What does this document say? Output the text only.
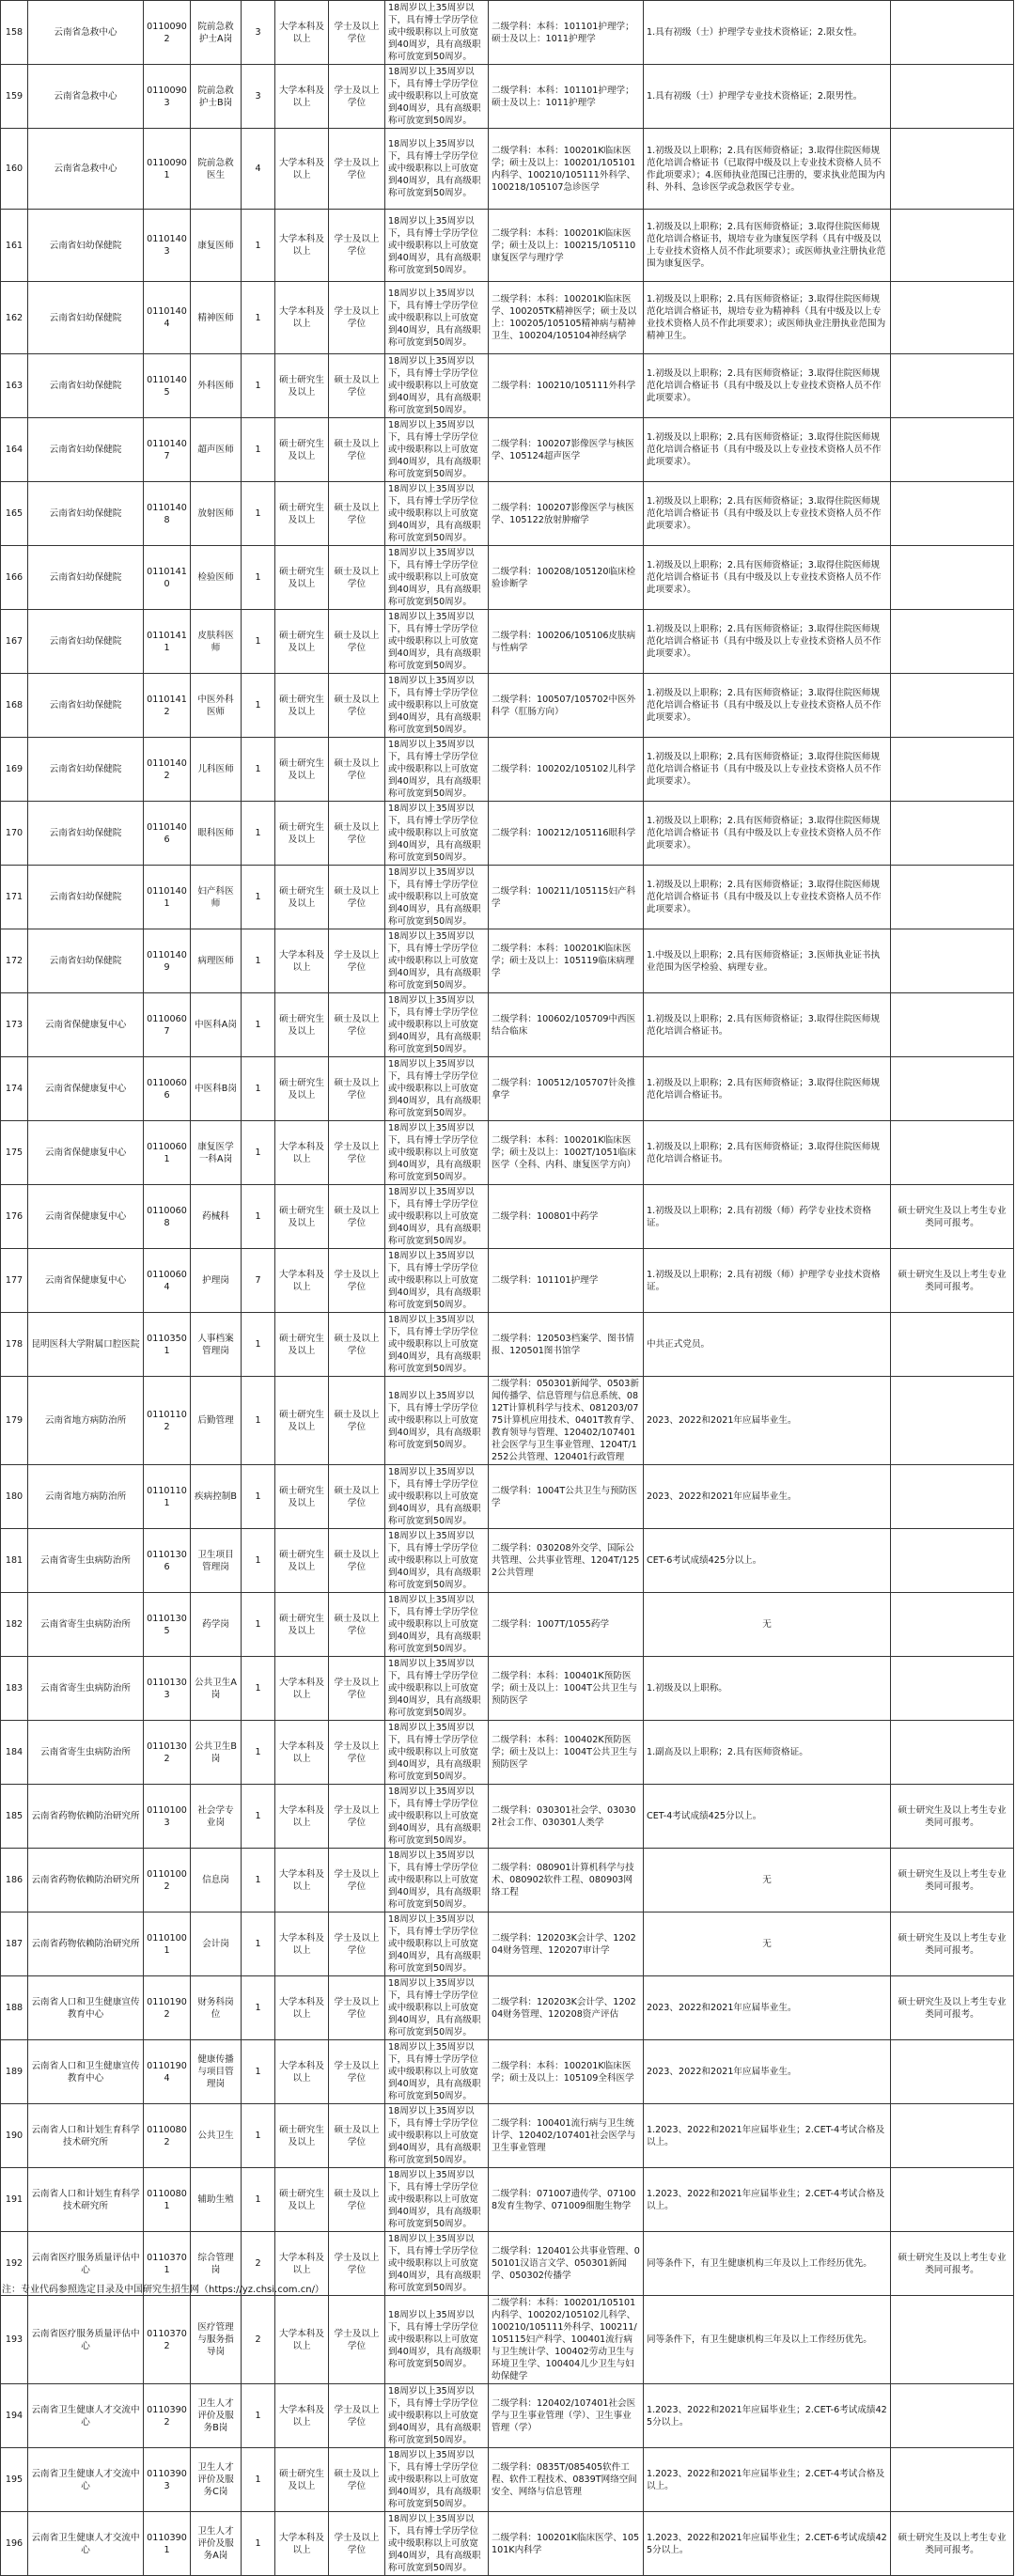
158	云南省急救中心	01100902	院前急救护士A岗	3	大学本科及以上	学士及以上学位	18周岁以上35周岁以下，具有博士学历学位或中级职称以上可放宽到40周岁，具有高级职称可放宽到50周岁。	二级学科：本科：101101护理学；硕士及以上：1011护理学	1.具有初级（士）护理学专业技术资格证；2.限女性。	
159	云南省急救中心	01100903	院前急救护士B岗	3	大学本科及以上	学士及以上学位	18周岁以上35周岁以下，具有博士学历学位或中级职称以上可放宽到40周岁，具有高级职称可放宽到50周岁。	二级学科：本科：101101护理学；硕士及以上：1011护理学	1.具有初级（士）护理学专业技术资格证；2.限男性。	
160	云南省急救中心	01100901	院前急救医生	4	大学本科及以上	学士及以上学位	18周岁以上35周岁以下，具有博士学历学位或中级职称以上可放宽到40周岁，具有高级职称可放宽到50周岁。	二级学科：本科：100201K临床医学；硕士及以上：100201/105101内科学、100210/105111外科学、100218/105107急诊医学	1.初级及以上职称；2.具有医师资格证；3.取得住院医师规范化培训合格证书（已取得中级及以上专业技术资格人员不作此项要求）；4.医师执业范围已注册的，要求执业范围为内科、外科、急诊医学或急救医学专业。	
161	云南省妇幼保健院	01101403	康复医师	1	大学本科及以上	学士及以上学位	18周岁以上35周岁以下，具有博士学历学位或中级职称以上可放宽到40周岁，具有高级职称可放宽到50周岁。	二级学科：本科：100201K临床医学；硕士及以上：100215/105110康复医学与理疗学	1.初级及以上职称；2.具有医师资格证；3.取得住院医师规范化培训合格证书，规培专业为康复医学科（具有中级及以上专业技术资格人员不作此项要求）；或医师执业注册执业范围为康复医学。	
162	云南省妇幼保健院	01101404	精神医师	1	大学本科及以上	学士及以上学位	18周岁以上35周岁以下，具有博士学历学位或中级职称以上可放宽到40周岁，具有高级职称可放宽到50周岁。	二级学科：本科：100201K临床医学、100205TK精神医学；硕士及以上：100205/105105精神病与精神卫生、100204/105104神经病学	1.初级及以上职称；2.具有医师资格证；3.取得住院医师规范化培训合格证书，规培专业为精神科（具有中级及以上专业技术资格人员不作此项要求）；或医师执业注册执业范围为精神卫生。	
163	云南省妇幼保健院	01101405	外科医师	1	硕士研究生及以上	硕士及以上学位	18周岁以上35周岁以下，具有博士学历学位或中级职称以上可放宽到40周岁，具有高级职称可放宽到50周岁。	二级学科：100210/105111外科学	1.初级及以上职称；2.具有医师资格证；3.取得住院医师规范化培训合格证书（具有中级及以上专业技术资格人员不作此项要求）。	
164	云南省妇幼保健院	01101407	超声医师	1	硕士研究生及以上	硕士及以上学位	18周岁以上35周岁以下，具有博士学历学位或中级职称以上可放宽到40周岁，具有高级职称可放宽到50周岁。	二级学科：100207影像医学与核医学、105124超声医学	1.初级及以上职称；2.具有医师资格证；3.取得住院医师规范化培训合格证书（具有中级及以上专业技术资格人员不作此项要求）。	
165	云南省妇幼保健院	01101408	放射医师	1	硕士研究生及以上	硕士及以上学位	18周岁以上35周岁以下，具有博士学历学位或中级职称以上可放宽到40周岁，具有高级职称可放宽到50周岁。	二级学科：100207影像医学与核医学、105122放射肿瘤学	1.初级及以上职称；2.具有医师资格证；3.取得住院医师规范化培训合格证书（具有中级及以上专业技术资格人员不作此项要求）。	
166	云南省妇幼保健院	01101410	检验医师	1	硕士研究生及以上	硕士及以上学位	18周岁以上35周岁以下，具有博士学历学位或中级职称以上可放宽到40周岁，具有高级职称可放宽到50周岁。	二级学科：100208/105120临床检验诊断学	1.初级及以上职称；2.具有医师资格证；3.取得住院医师规范化培训合格证书（具有中级及以上专业技术资格人员不作此项要求）。	
167	云南省妇幼保健院	01101411	皮肤科医师	1	硕士研究生及以上	硕士及以上学位	18周岁以上35周岁以下，具有博士学历学位或中级职称以上可放宽到40周岁，具有高级职称可放宽到50周岁。	二级学科：100206/105106皮肤病与性病学	1.初级及以上职称；2.具有医师资格证；3.取得住院医师规范化培训合格证书（具有中级及以上专业技术资格人员不作此项要求）。	
168	云南省妇幼保健院	01101412	中医外科医师	1	硕士研究生及以上	硕士及以上学位	18周岁以上35周岁以下，具有博士学历学位或中级职称以上可放宽到40周岁，具有高级职称可放宽到50周岁。	二级学科：100507/105702中医外科学（肛肠方向）	1.初级及以上职称；2.具有医师资格证；3.取得住院医师规范化培训合格证书（具有中级及以上专业技术资格人员不作此项要求）。	
169	云南省妇幼保健院	01101402	儿科医师	1	硕士研究生及以上	硕士及以上学位	18周岁以上35周岁以下，具有博士学历学位或中级职称以上可放宽到40周岁，具有高级职称可放宽到50周岁。	二级学科：100202/105102儿科学	1.初级及以上职称；2.具有医师资格证；3.取得住院医师规范化培训合格证书（具有中级及以上专业技术资格人员不作此项要求）。	
170	云南省妇幼保健院	01101406	眼科医师	1	硕士研究生及以上	硕士及以上学位	18周岁以上35周岁以下，具有博士学历学位或中级职称以上可放宽到40周岁，具有高级职称可放宽到50周岁。	二级学科：100212/105116眼科学	1.初级及以上职称；2.具有医师资格证；3.取得住院医师规范化培训合格证书（具有中级及以上专业技术资格人员不作此项要求）。	
171	云南省妇幼保健院	01101401	妇产科医师	1	硕士研究生及以上	硕士及以上学位	18周岁以上35周岁以下，具有博士学历学位或中级职称以上可放宽到40周岁，具有高级职称可放宽到50周岁。	二级学科：100211/105115妇产科学	1.初级及以上职称；2.具有医师资格证；3.取得住院医师规范化培训合格证书（具有中级及以上专业技术资格人员不作此项要求）。	
172	云南省妇幼保健院	01101409	病理医师	1	大学本科及以上	学士及以上学位	18周岁以上35周岁以下，具有博士学历学位或中级职称以上可放宽到40周岁，具有高级职称可放宽到50周岁。	二级学科：本科：100201K临床医学；硕士及以上：105119临床病理学	1.中级及以上职称；2.具有医师资格证；3.医师执业证书执业范围为医学检验、病理专业。	
173	云南省保健康复中心	01100607	中医科A岗	1	硕士研究生及以上	硕士及以上学位	18周岁以上35周岁以下，具有博士学历学位或中级职称以上可放宽到40周岁，具有高级职称可放宽到50周岁。	二级学科：100602/105709中西医结合临床	1.初级及以上职称；2.具有医师资格证；3.取得住院医师规范化培训合格证书。	
174	云南省保健康复中心	01100606	中医科B岗	1	硕士研究生及以上	硕士及以上学位	18周岁以上35周岁以下，具有博士学历学位或中级职称以上可放宽到40周岁，具有高级职称可放宽到50周岁。	二级学科：100512/105707针灸推拿学	1.初级及以上职称；2.具有医师资格证；3.取得住院医师规范化培训合格证书。	
175	云南省保健康复中心	01100601	康复医学一科A岗	1	大学本科及以上	学士及以上学位	18周岁以上35周岁以下，具有博士学历学位或中级职称以上可放宽到40周岁，具有高级职称可放宽到50周岁。	二级学科：本科：100201K临床医学；硕士及以上：1002T/1051临床医学（全科、内科、康复医学方向）	1.初级及以上职称；2.具有医师资格证；3.取得住院医师规范化培训合格证书。	
176	云南省保健康复中心	01100608	药械科	1	硕士研究生及以上	硕士及以上学位	18周岁以上35周岁以下，具有博士学历学位或中级职称以上可放宽到40周岁，具有高级职称可放宽到50周岁。	二级学科：100801中药学	1.初级及以上职称；2.具有初级（师）药学专业技术资格证。	硕士研究生及以上考生专业类同可报考。
177	云南省保健康复中心	01100604	护理岗	7	大学本科及以上	学士及以上学位	18周岁以上35周岁以下，具有博士学历学位或中级职称以上可放宽到40周岁，具有高级职称可放宽到50周岁。	二级学科：101101护理学	1.初级及以上职称；2.具有初级（师）护理学专业技术资格证。	硕士研究生及以上考生专业类同可报考。
178	昆明医科大学附属口腔医院	01103501	人事档案管理岗	1	硕士研究生及以上	硕士及以上学位	18周岁以上35周岁以下，具有博士学历学位或中级职称以上可放宽到40周岁，具有高级职称可放宽到50周岁。	二级学科：120503档案学、图书情报、120501图书馆学	中共正式党员。	
179	云南省地方病防治所	01101102	后勤管理	1	硕士研究生及以上	硕士及以上学位	18周岁以上35周岁以下，具有博士学历学位或中级职称以上可放宽到40周岁，具有高级职称可放宽到50周岁。	二级学科：050301新闻学、0503新闻传播学、信息管理与信息系统、0812T计算机科学与技术、081203/0775计算机应用技术、0401T教育学、教育领导与管理、120402/107401社会医学与卫生事业管理、1204T/1252公共管理、120401行政管理	2023、2022和2021年应届毕业生。	
180	云南省地方病防治所	01101101	疾病控制B	1	硕士研究生及以上	硕士及以上学位	18周岁以上35周岁以下，具有博士学历学位或中级职称以上可放宽到40周岁，具有高级职称可放宽到50周岁。	二级学科：1004T公共卫生与预防医学	2023、2022和2021年应届毕业生。	
181	云南省寄生虫病防治所	01101306	卫生项目管理岗	1	硕士研究生及以上	硕士及以上学位	18周岁以上35周岁以下，具有博士学历学位或中级职称以上可放宽到40周岁，具有高级职称可放宽到50周岁。	二级学科：030208外交学、国际公共管理、公共事业管理、1204T/1252公共管理	CET-6考试成绩425分以上。	
182	云南省寄生虫病防治所	01101305	药学岗	1	硕士研究生及以上	硕士及以上学位	18周岁以上35周岁以下，具有博士学历学位或中级职称以上可放宽到40周岁，具有高级职称可放宽到50周岁。	二级学科：1007T/1055药学	无	
183	云南省寄生虫病防治所	01101303	公共卫生A岗	1	大学本科及以上	学士及以上学位	18周岁以上35周岁以下，具有博士学历学位或中级职称以上可放宽到40周岁，具有高级职称可放宽到50周岁。	二级学科：本科：100401K预防医学；硕士及以上：1004T公共卫生与预防医学	1.初级及以上职称。	
184	云南省寄生虫病防治所	01101302	公共卫生B岗	1	大学本科及以上	学士及以上学位	18周岁以上35周岁以下，具有博士学历学位或中级职称以上可放宽到40周岁，具有高级职称可放宽到50周岁。	二级学科：本科：100402K预防医学；硕士及以上：1004T公共卫生与预防医学	1.副高及以上职称；2.具有医师资格证。	
185	云南省药物依赖防治研究所	01101003	社会学专业岗	1	大学本科及以上	学士及以上学位	18周岁以上35周岁以下，具有博士学历学位或中级职称以上可放宽到40周岁，具有高级职称可放宽到50周岁。	二级学科：030301社会学、030302社会工作、030301人类学	CET-4考试成绩425分以上。	硕士研究生及以上考生专业类同可报考。
186	云南省药物依赖防治研究所	01101002	信息岗	1	大学本科及以上	学士及以上学位	18周岁以上35周岁以下，具有博士学历学位或中级职称以上可放宽到40周岁，具有高级职称可放宽到50周岁。	二级学科：080901计算机科学与技术、080902软件工程、080903网络工程	无	硕士研究生及以上考生专业类同可报考。
187	云南省药物依赖防治研究所	01101001	会计岗	1	大学本科及以上	学士及以上学位	18周岁以上35周岁以下，具有博士学历学位或中级职称以上可放宽到40周岁，具有高级职称可放宽到50周岁。	二级学科：120203K会计学、120204财务管理、120207审计学	无	硕士研究生及以上考生专业类同可报考。
188	云南省人口和卫生健康宣传教育中心	01101902	财务科岗位	1	大学本科及以上	学士及以上学位	18周岁以上35周岁以下，具有博士学历学位或中级职称以上可放宽到40周岁，具有高级职称可放宽到50周岁。	二级学科：120203K会计学、120204财务管理、120208资产评估	2023、2022和2021年应届毕业生。	硕士研究生及以上考生专业类同可报考。
189	云南省人口和卫生健康宣传教育中心	01101904	健康传播与项目管理岗	1	大学本科及以上	学士及以上学位	18周岁以上35周岁以下，具有博士学历学位或中级职称以上可放宽到40周岁，具有高级职称可放宽到50周岁。	二级学科：本科：100201K临床医学；硕士及以上：105109全科医学	2023、2022和2021年应届毕业生。	
190	云南省人口和计划生育科学技术研究所	01100802	公共卫生	1	硕士研究生及以上	硕士及以上学位	18周岁以上35周岁以下，具有博士学历学位或中级职称以上可放宽到40周岁，具有高级职称可放宽到50周岁。	二级学科：100401流行病与卫生统计学、120402/107401社会医学与卫生事业管理	1.2023、2022和2021年应届毕业生；2.CET-4考试合格及以上。	
191	云南省人口和计划生育科学技术研究所	01100801	辅助生殖	1	硕士研究生及以上	硕士及以上学位	18周岁以上35周岁以下，具有博士学历学位或中级职称以上可放宽到40周岁，具有高级职称可放宽到50周岁。	二级学科：071007遗传学、071008发育生物学、071009细胞生物学	1.2023、2022和2021年应届毕业生；2.CET-4考试合格及以上。	
192	云南省医疗服务质量评估中心	01103701	综合管理岗	2	大学本科及以上	学士及以上学位	18周岁以上35周岁以下，具有博士学历学位或中级职称以上可放宽到40周岁，具有高级职称可放宽到50周岁。	二级学科：120401公共事业管理、050101汉语言文学、050301新闻学、050302传播学	同等条件下，有卫生健康机构三年及以上工作经历优先。	硕士研究生及以上考生专业类同可报考。
193	云南省医疗服务质量评估中心	01103702	医疗管理与服务指导岗	2	大学本科及以上	学士及以上学位	18周岁以上35周岁以下，具有博士学历学位或中级职称以上可放宽到40周岁，具有高级职称可放宽到50周岁。	二级学科：本科：100201/105101内科学、100202/105102儿科学、100210/105111外科学、100211/105115妇产科学、100401流行病与卫生统计学、100402劳动卫生与环境卫生学、100404儿少卫生与妇幼保健学	同等条件下，有卫生健康机构三年及以上工作经历优先。	
194	云南省卫生健康人才交流中心	01103902	卫生人才评价及服务B岗	1	大学本科及以上	学士及以上学位	18周岁以上35周岁以下，具有博士学历学位或中级职称以上可放宽到40周岁，具有高级职称可放宽到50周岁。	二级学科：120402/107401社会医学与卫生事业管理（学）、卫生事业管理（学）	1.2023、2022和2021年应届毕业生；2.CET-6考试成绩425分以上。	
195	云南省卫生健康人才交流中心	01103903	卫生人才评价及服务C岗	1	硕士研究生及以上	硕士及以上学位	18周岁以上35周岁以下，具有博士学历学位或中级职称以上可放宽到40周岁，具有高级职称可放宽到50周岁。	二级学科：0835T/085405软件工程、软件工程技术、0839T网络空间安全、网络与信息管理	1.2023、2022和2021年应届毕业生；2.CET-4考试合格及以上。	
196	云南省卫生健康人才交流中心	01103901	卫生人才评价及服务A岗	1	大学本科及以上	学士及以上学位	18周岁以上35周岁以下，具有博士学历学位或中级职称以上可放宽到40周岁，具有高级职称可放宽到50周岁。	二级学科：100201K临床医学、105101K内科学	1.2023、2022和2021年应届毕业生；2.CET-6考试成绩425分以上。	硕士研究生及以上考生专业类同可报考。
注：专业代码参照选定目录及中国研究生招生网（https://yz.chsi.com.cn/）
